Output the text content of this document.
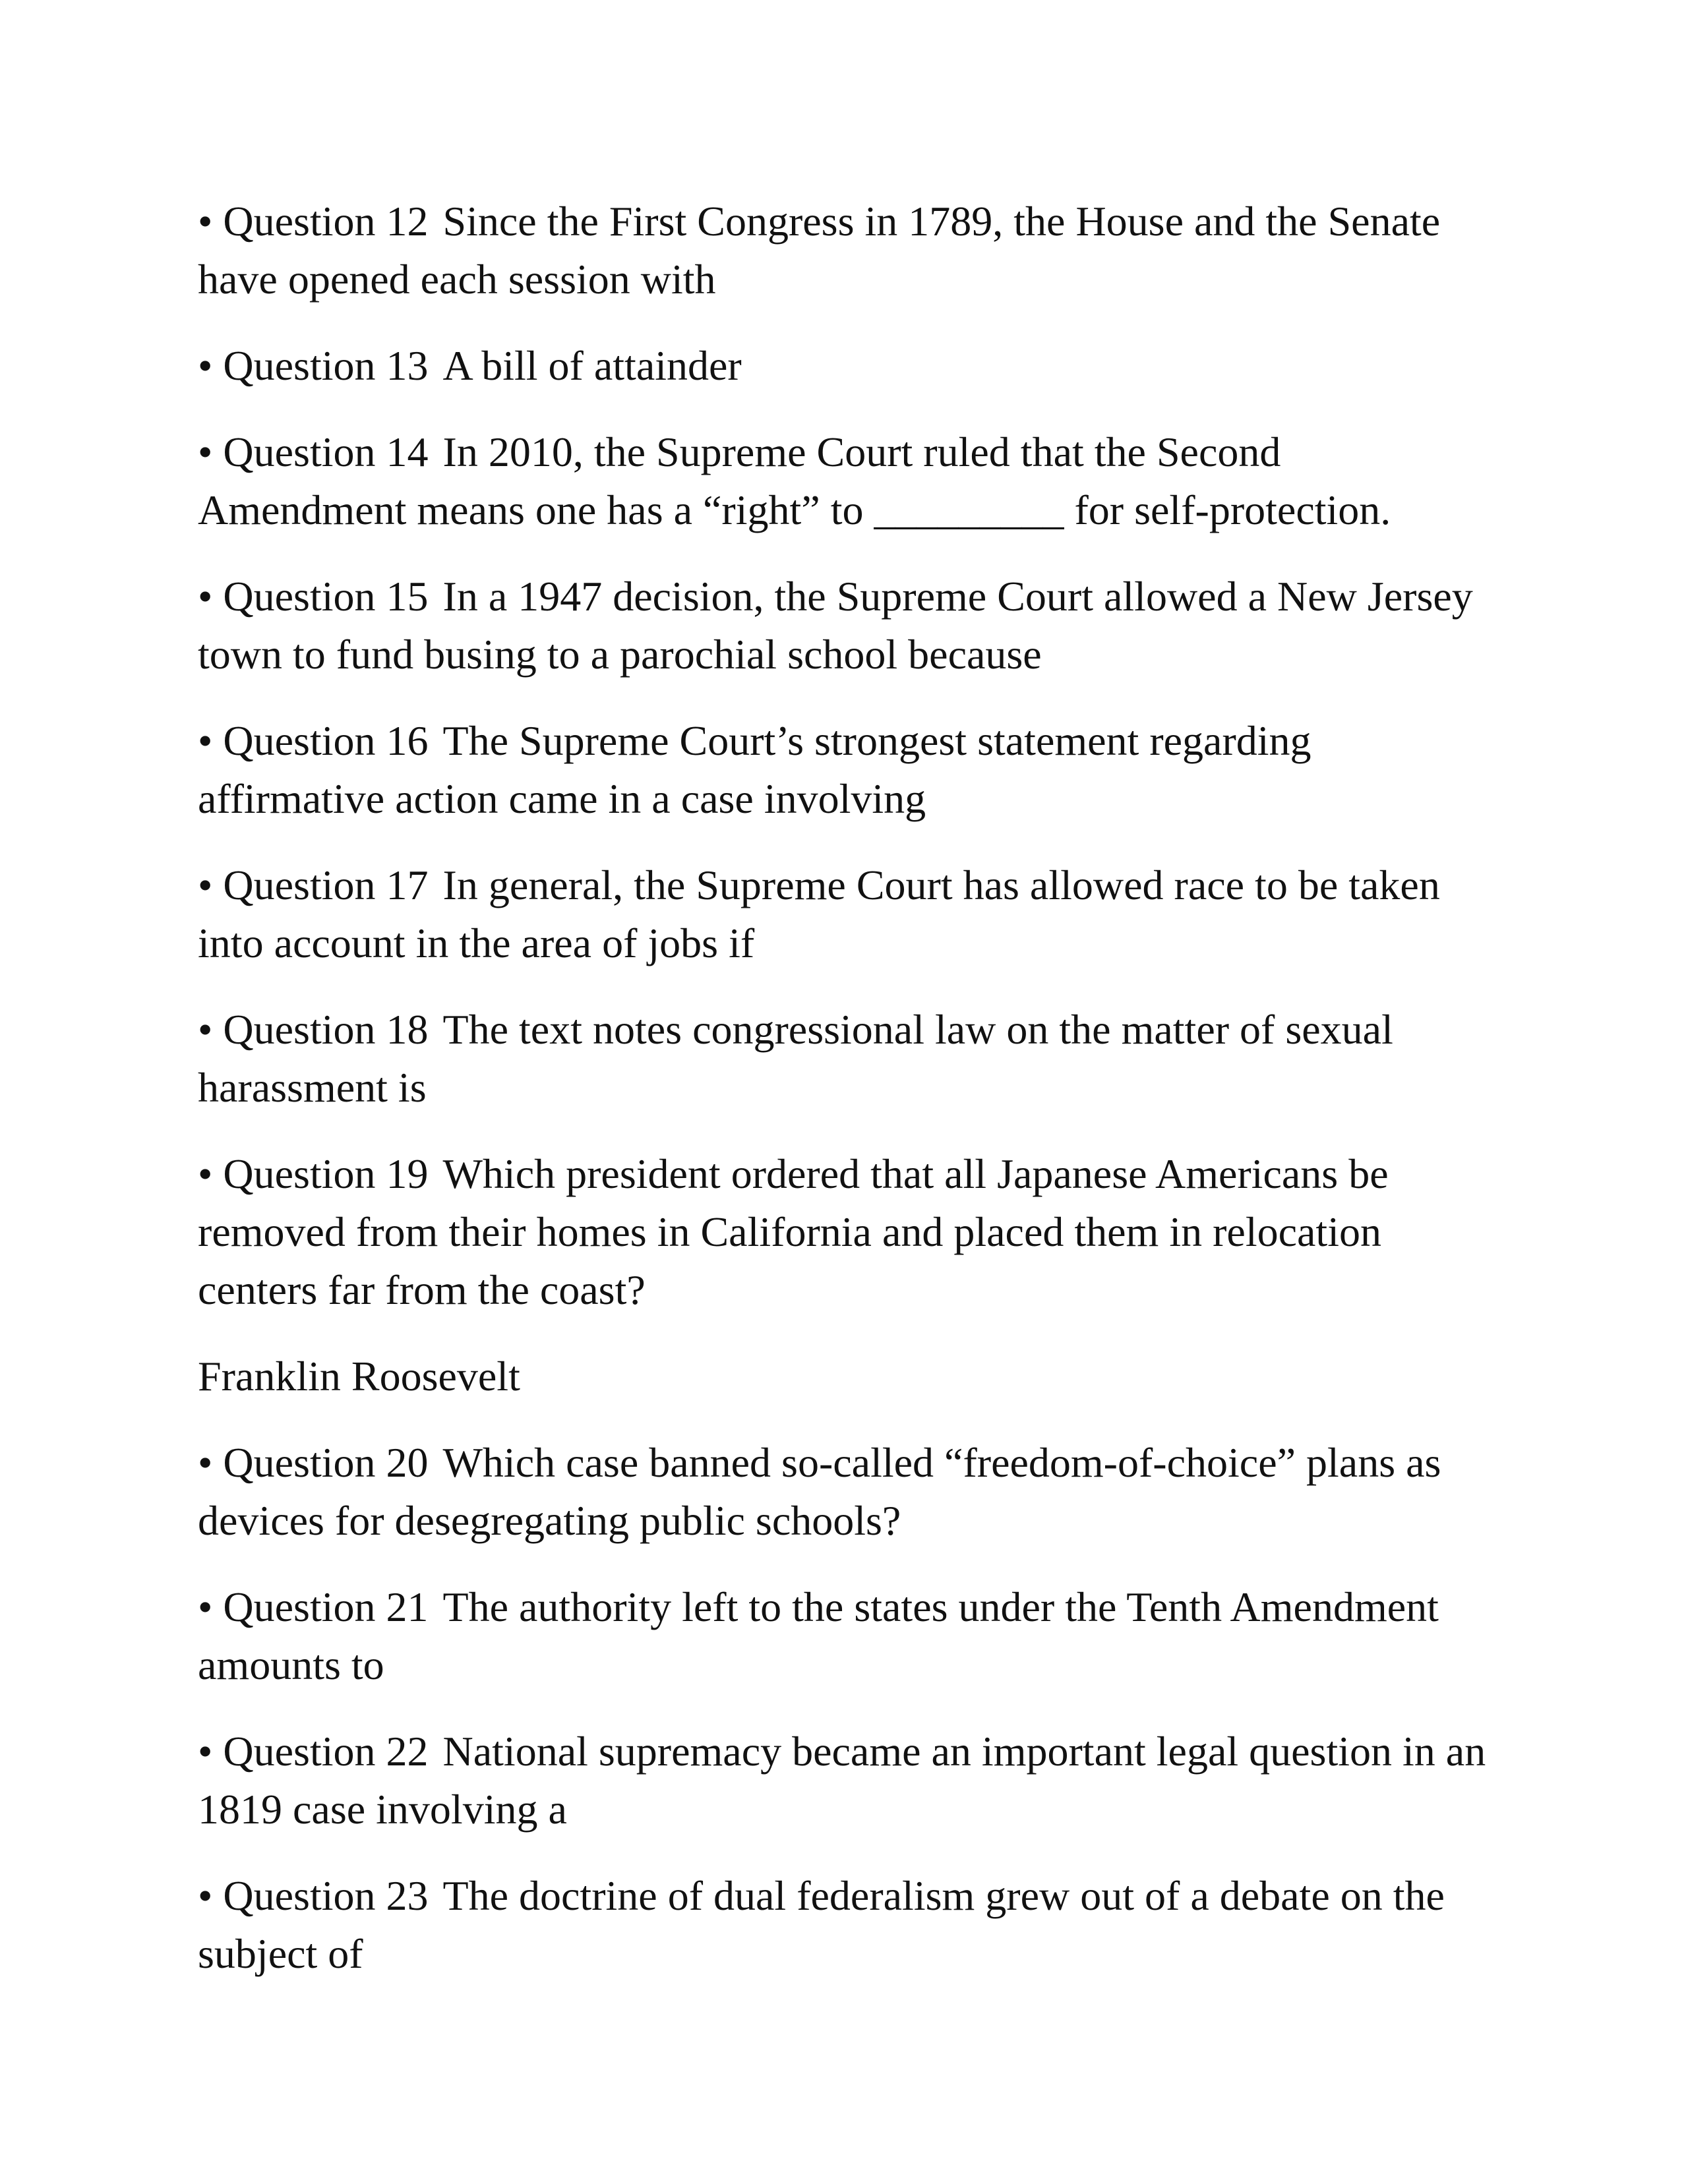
• Question 12 Since the First Congress in 1789, the House and the Senate have opened each session with

• Question 13 A bill of attainder

• Question 14 In 2010, the Supreme Court ruled that the Second Amendment means one has a “right” to _________ for self-protection.

• Question 15 In a 1947 decision, the Supreme Court allowed a New Jersey town to fund busing to a parochial school because

• Question 16 The Supreme Court’s strongest statement regarding affirmative action came in a case involving

• Question 17 In general, the Supreme Court has allowed race to be taken into account in the area of jobs if

• Question 18 The text notes congressional law on the matter of sexual harassment is

• Question 19 Which president ordered that all Japanese Americans be removed from their homes in California and placed them in relocation centers far from the coast?

Franklin Roosevelt

• Question 20 Which case banned so-called “freedom-of-choice” plans as devices for desegregating public schools?

• Question 21 The authority left to the states under the Tenth Amendment amounts to

• Question 22 National supremacy became an important legal question in an 1819 case involving a

• Question 23 The doctrine of dual federalism grew out of a debate on the subject of
